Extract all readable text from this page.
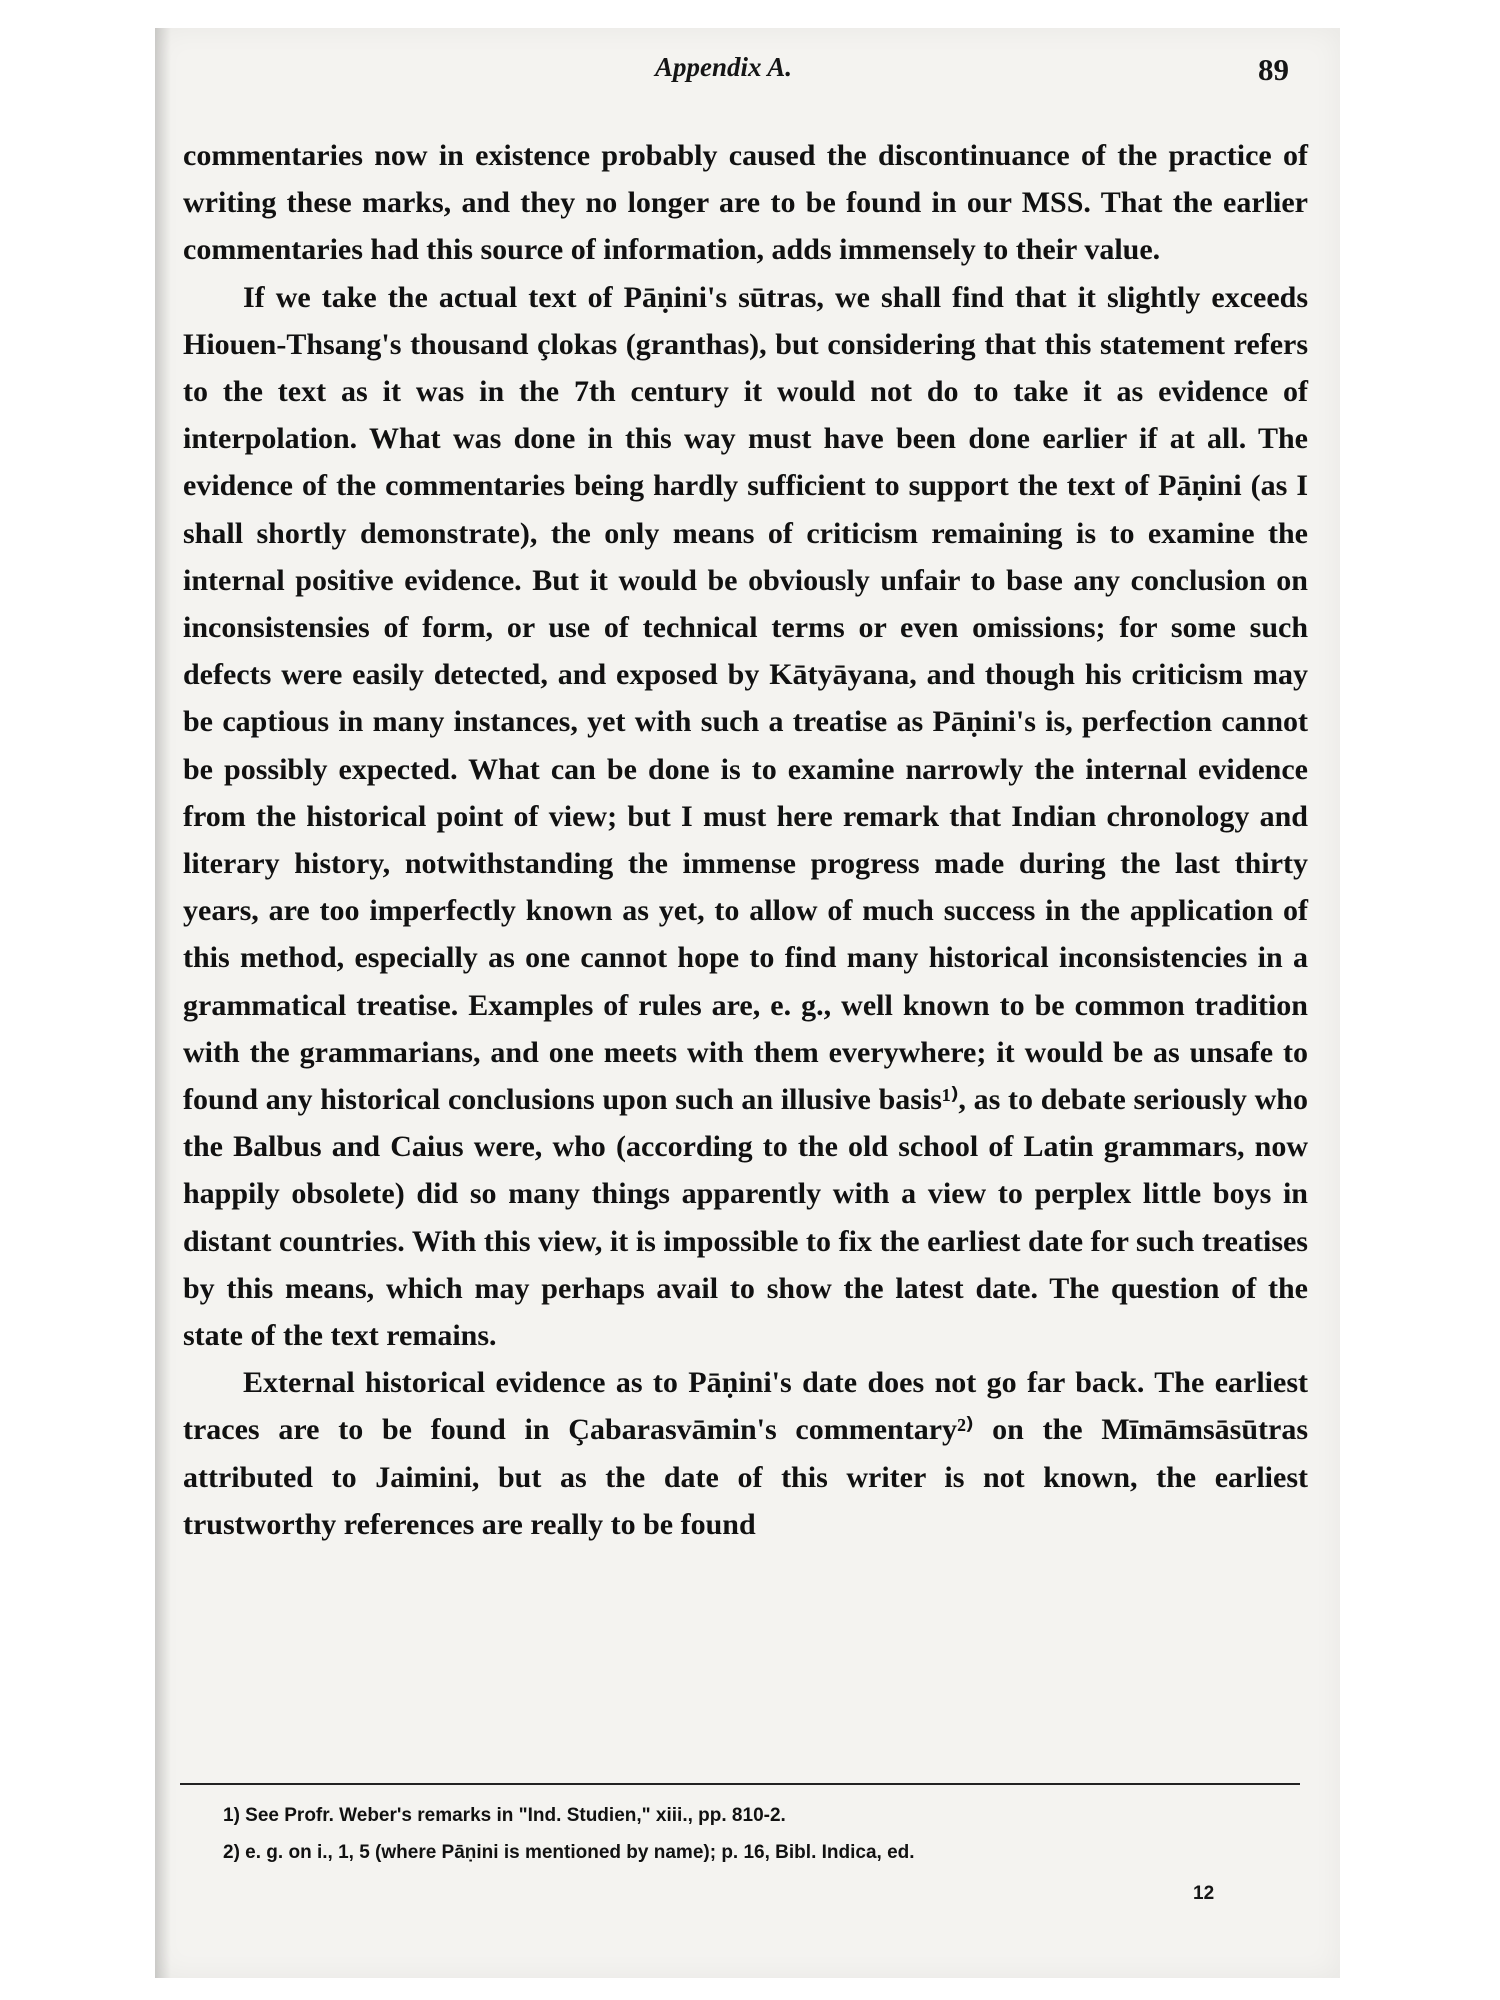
Appendix A.	89

commentaries now in existence probably caused the discontinuance of the practice of writing these marks, and they no longer are to be found in our MSS. That the earlier commentaries had this source of information, adds immensely to their value.

If we take the actual text of Pāṇini's sūtras, we shall find that it slightly exceeds Hiouen-Thsang's thousand çlokas (granthas), but considering that this statement refers to the text as it was in the 7th century it would not do to take it as evidence of interpolation. What was done in this way must have been done earlier if at all. The evidence of the commentaries being hardly sufficient to support the text of Pāṇini (as I shall shortly demonstrate), the only means of criticism remaining is to examine the internal positive evidence. But it would be obviously unfair to base any conclusion on inconsistensies of form, or use of technical terms or even omissions; for some such defects were easily detected, and exposed by Kātyāyana, and though his criticism may be captious in many instances, yet with such a treatise as Pāṇini's is, perfection cannot be possibly expected. What can be done is to examine narrowly the internal evidence from the historical point of view; but I must here remark that Indian chronology and literary history, notwithstanding the immense progress made during the last thirty years, are too imperfectly known as yet, to allow of much success in the application of this method, especially as one cannot hope to find many historical inconsistencies in a grammatical treatise. Examples of rules are, e. g., well known to be common tradition with the grammarians, and one meets with them everywhere; it would be as unsafe to found any historical conclusions upon such an illusive basis¹⁾, as to debate seriously who the Balbus and Caius were, who (according to the old school of Latin grammars, now happily obsolete) did so many things apparently with a view to perplex little boys in distant countries. With this view, it is impossible to fix the earliest date for such treatises by this means, which may perhaps avail to show the latest date. The question of the state of the text remains.

External historical evidence as to Pāṇini's date does not go far back. The earliest traces are to be found in Çabarasvāmin's commentary²⁾ on the Mīmāmsāsūtras attributed to Jaimini, but as the date of this writer is not known, the earliest trustworthy references are really to be found

1) See Profr. Weber's remarks in "Ind. Studien," xiii., pp. 810-2.
2) e. g. on i., 1, 5 (where Pāṇini is mentioned by name); p. 16, Bibl. Indica, ed.
12
